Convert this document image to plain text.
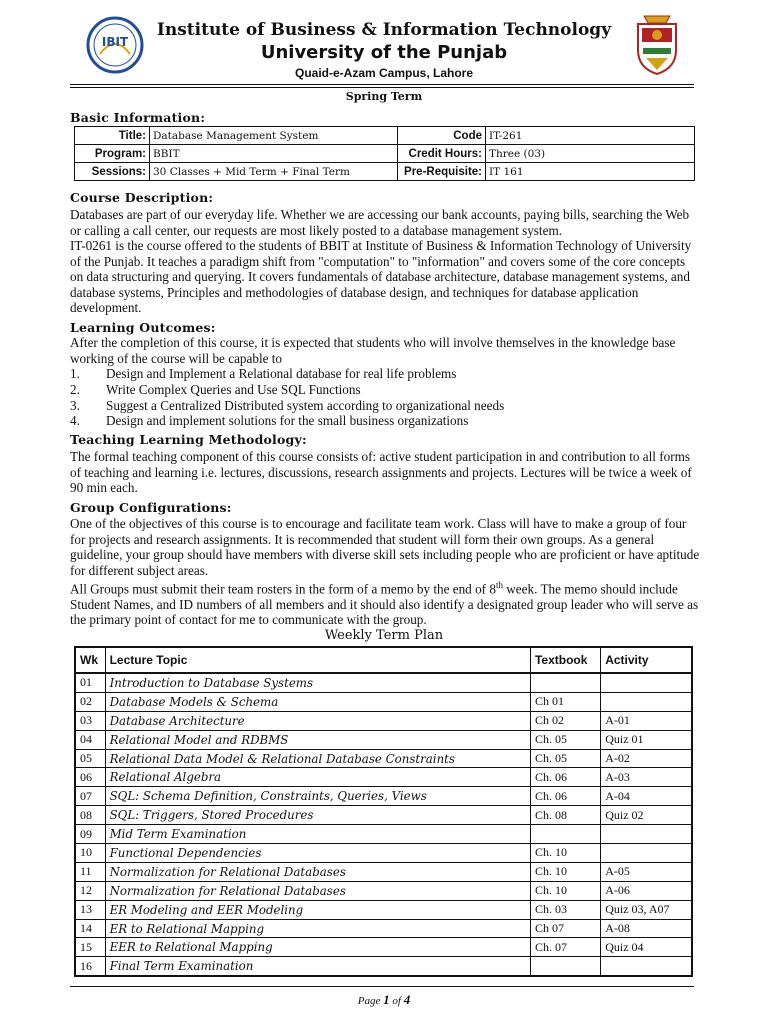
IBIT
Institute of Business & Information Technology
University of the Punjab
Quaid-e-Azam Campus, Lahore
Spring Term
Basic Information:
Title:	Database Management System	Code	IT-261
Program:	BBIT	Credit Hours:	Three (03)
Sessions:	30 Classes + Mid Term + Final Term	Pre-Requisite:	IT 161
Course Description:

Databases are part of our everyday life. Whether we are accessing our bank accounts, paying bills, searching the Web or calling a call center, our requests are most likely posted to a database management system.

IT-0261 is the course offered to the students of BBIT at Institute of Business & Information Technology of University of the Punjab. It teaches a paradigm shift from "computation" to "information" and covers some of the core concepts on data structuring and querying. It covers fundamentals of database architecture, database management systems, and database systems, Principles and methodologies of database design, and techniques for database application development.

Learning Outcomes:
After the completion of this course, it is expected that students who will involve themselves in the knowledge base working of the course will be capable to
1. Design and Implement a Relational database for real life problems
2. Write Complex Queries and Use SQL Functions
3. Suggest a Centralized Distributed system according to organizational needs
4. Design and implement solutions for the small business organizations
Teaching Learning Methodology:
The formal teaching component of this course consists of: active student participation in and contribution to all forms of teaching and learning i.e. lectures, discussions, research assignments and projects. Lectures will be twice a week of 90 min each.
Group Configurations:

One of the objectives of this course is to encourage and facilitate team work. Class will have to make a group of four for projects and research assignments. It is recommended that student will form their own groups. As a general guideline, your group should have members with diverse skill sets including people who are proficient or have aptitude for different subject areas.

All Groups must submit their team rosters in the form of a memo by the end of 8th week. The memo should include Student Names, and ID numbers of all members and it should also identify a designated group leader who will serve as the primary point of contact for me to communicate with the group.

Weekly Term Plan
Wk	Lecture Topic	Textbook	Activity
01	Introduction to Database Systems		
02	Database Models & Schema	Ch 01	
03	Database Architecture	Ch 02	A-01
04	Relational Model and RDBMS	Ch. 05	Quiz 01
05	Relational Data Model & Relational Database Constraints	Ch. 05	A-02
06	Relational Algebra	Ch. 06	A-03
07	SQL: Schema Definition, Constraints, Queries, Views	Ch. 06	A-04
08	SQL: Triggers, Stored Procedures	Ch. 08	Quiz 02
09	Mid Term Examination		
10	Functional Dependencies	Ch. 10	
11	Normalization for Relational Databases	Ch. 10	A-05
12	Normalization for Relational Databases	Ch. 10	A-06
13	ER Modeling and EER Modeling	Ch. 03	Quiz 03, A07
14	ER to Relational Mapping	Ch 07	A-08
15	EER to Relational Mapping	Ch. 07	Quiz 04
16	Final Term Examination		
Page 1 of 4
